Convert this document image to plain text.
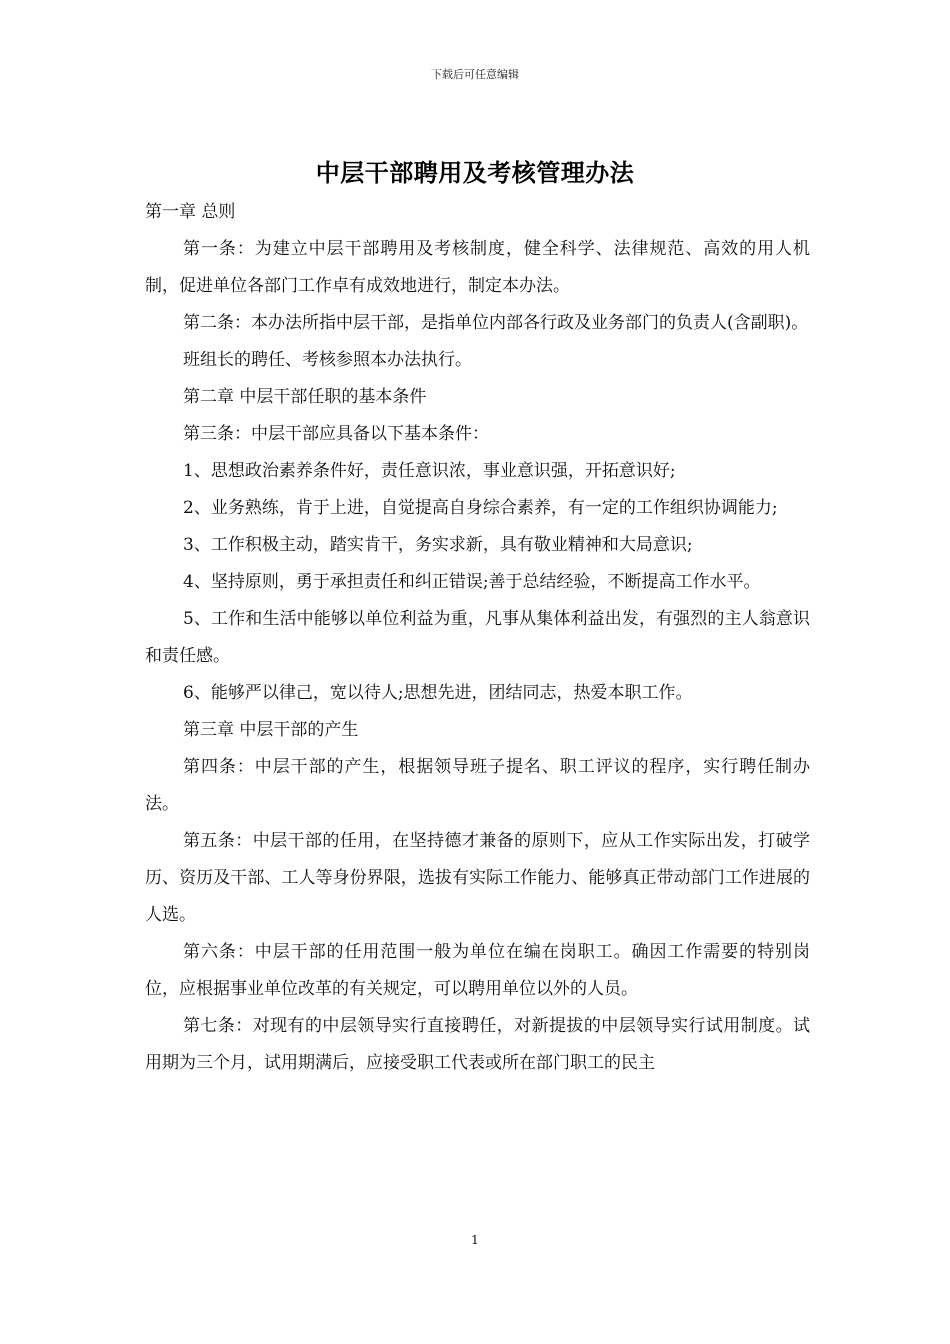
下载后可任意编辑
中层干部聘用及考核管理办法

第一章 总则

第一条：为建立中层干部聘用及考核制度，健全科学、法律规范、高效的用人机制，促进单位各部门工作卓有成效地进行，制定本办法。

第二条：本办法所指中层干部，是指单位内部各行政及业务部门的负责人(含副职)。

班组长的聘任、考核参照本办法执行。

第二章 中层干部任职的基本条件

第三条：中层干部应具备以下基本条件：

1、思想政治素养条件好，责任意识浓，事业意识强，开拓意识好;

2、业务熟练，肯于上进，自觉提高自身综合素养，有一定的工作组织协调能力;

3、工作积极主动，踏实肯干，务实求新，具有敬业精神和大局意识;

4、坚持原则，勇于承担责任和纠正错误;善于总结经验，不断提高工作水平。

5、工作和生活中能够以单位利益为重，凡事从集体利益出发，有强烈的主人翁意识和责任感。

6、能够严以律己，宽以待人;思想先进，团结同志，热爱本职工作。

第三章 中层干部的产生

第四条：中层干部的产生，根据领导班子提名、职工评议的程序，实行聘任制办法。

第五条：中层干部的任用，在坚持德才兼备的原则下，应从工作实际出发，打破学历、资历及干部、工人等身份界限，选拔有实际工作能力、能够真正带动部门工作进展的人选。

第六条：中层干部的任用范围一般为单位在编在岗职工。确因工作需要的特别岗位，应根据事业单位改革的有关规定，可以聘用单位以外的人员。

第七条：对现有的中层领导实行直接聘任，对新提拔的中层领导实行试用制度。试用期为三个月，试用期满后，应接受职工代表或所在部门职工的民主

1
